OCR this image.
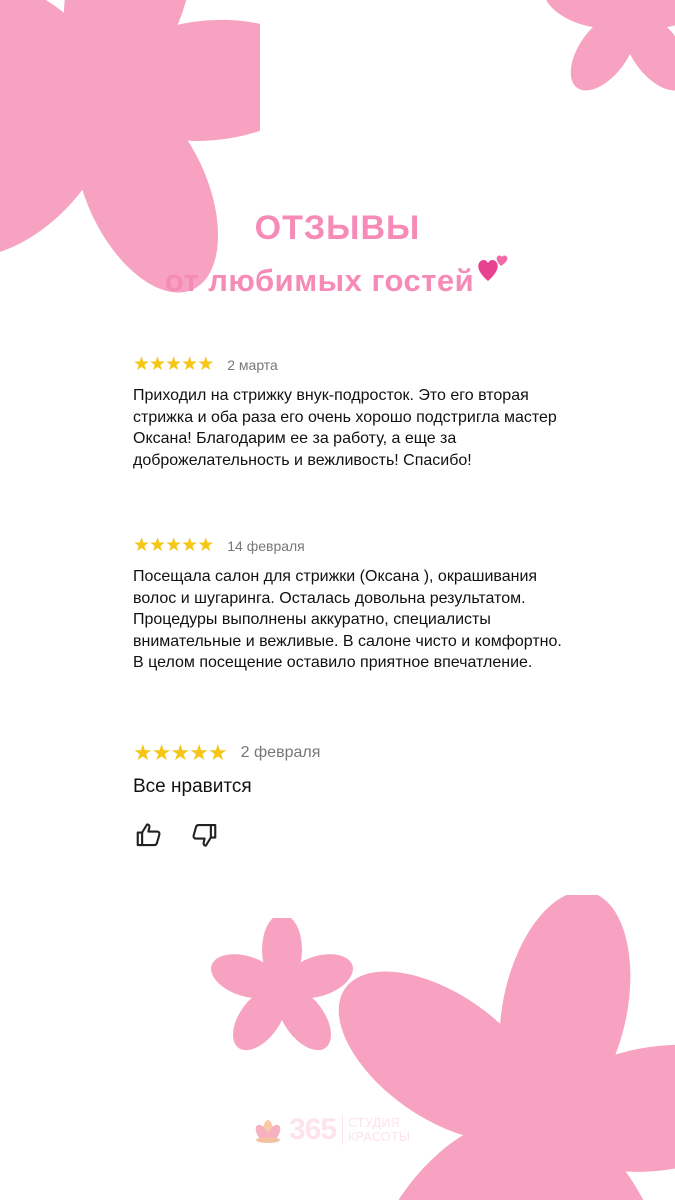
ОТЗЫВЫ
от любимых гостей
★ ★ ★ ★ ★ 2 марта
Приходил на стрижку внук-подросток. Это его вторая стрижка и оба раза его очень хорошо подстригла мастер Оксана! Благодарим ее за работу, а еще за доброжелательность и вежливость! Спасибо!
★ ★ ★ ★ ★ 14 февраля
Посещала салон для стрижки (Оксана ), окрашивания волос и шугаринга. Осталась довольна результатом. Процедуры выполнены аккуратно, специалисты внимательные и вежливые. В салоне чисто и комфортно. В целом посещение оставило приятное впечатление.
★ ★ ★ ★ ★ 2 февраля
Все нравится
365 СТУДИЯ
КРАСОТЫ
